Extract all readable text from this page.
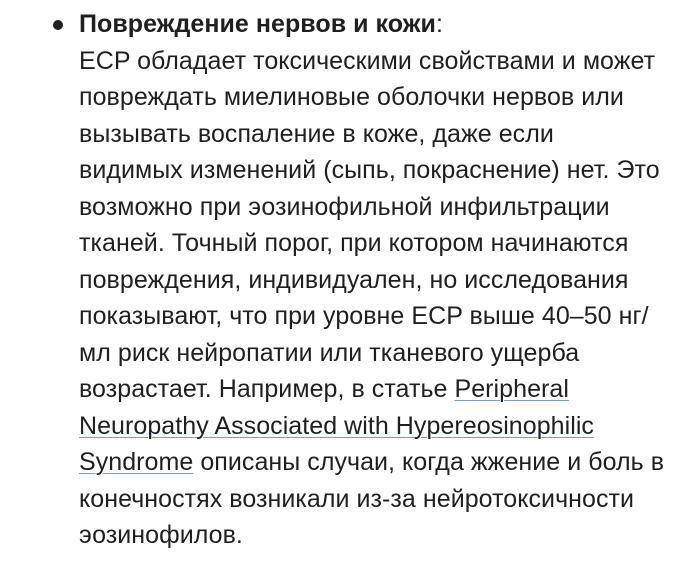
Повреждение нервов и кожи:
ECP обладает токсическими свойствами и может
повреждать миелиновые оболочки нервов или
вызывать воспаление в коже, даже если
видимых изменений (сыпь, покраснение) нет. Это
возможно при эозинофильной инфильтрации
тканей. Точный порог, при котором начинаются
повреждения, индивидуален, но исследования
показывают, что при уровне ECP выше 40–50 нг/
мл риск нейропатии или тканевого ущерба
возрастает. Например, в статье Peripheral
Neuropathy Associated with Hypereosinophilic
Syndrome описаны случаи, когда жжение и боль в
конечностях возникали из-за нейротоксичности
эозинофилов.
